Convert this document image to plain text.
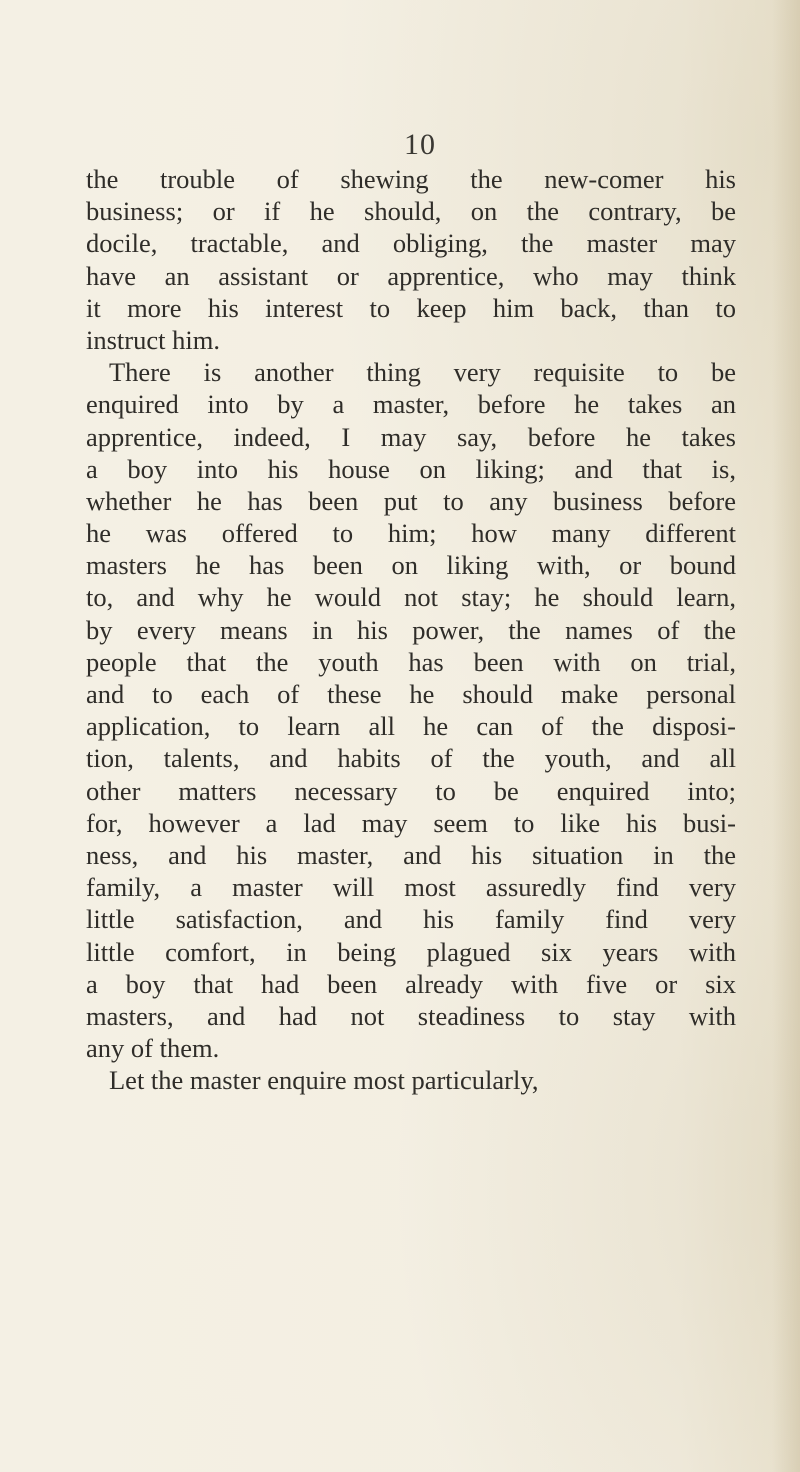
10
the trouble of shewing the new-comer his
business; or if he should, on the contrary, be
docile, tractable, and obliging, the master may
have an assistant or apprentice, who may think
it more his interest to keep him back, than to
instruct him.
There is another thing very requisite to be
enquired into by a master, before he takes an
apprentice, indeed, I may say, before he takes
a boy into his house on liking; and that is,
whether he has been put to any business before
he was offered to him; how many different
masters he has been on liking with, or bound
to, and why he would not stay; he should learn,
by every means in his power, the names of the
people that the youth has been with on trial,
and to each of these he should make personal
application, to learn all he can of the disposi-
tion, talents, and habits of the youth, and all
other matters necessary to be enquired into;
for, however a lad may seem to like his busi-
ness, and his master, and his situation in the
family, a master will most assuredly find very
little satisfaction, and his family find very
little comfort, in being plagued six years with
a boy that had been already with five or six
masters, and had not steadiness to stay with
any of them.
Let the master enquire most particularly,
